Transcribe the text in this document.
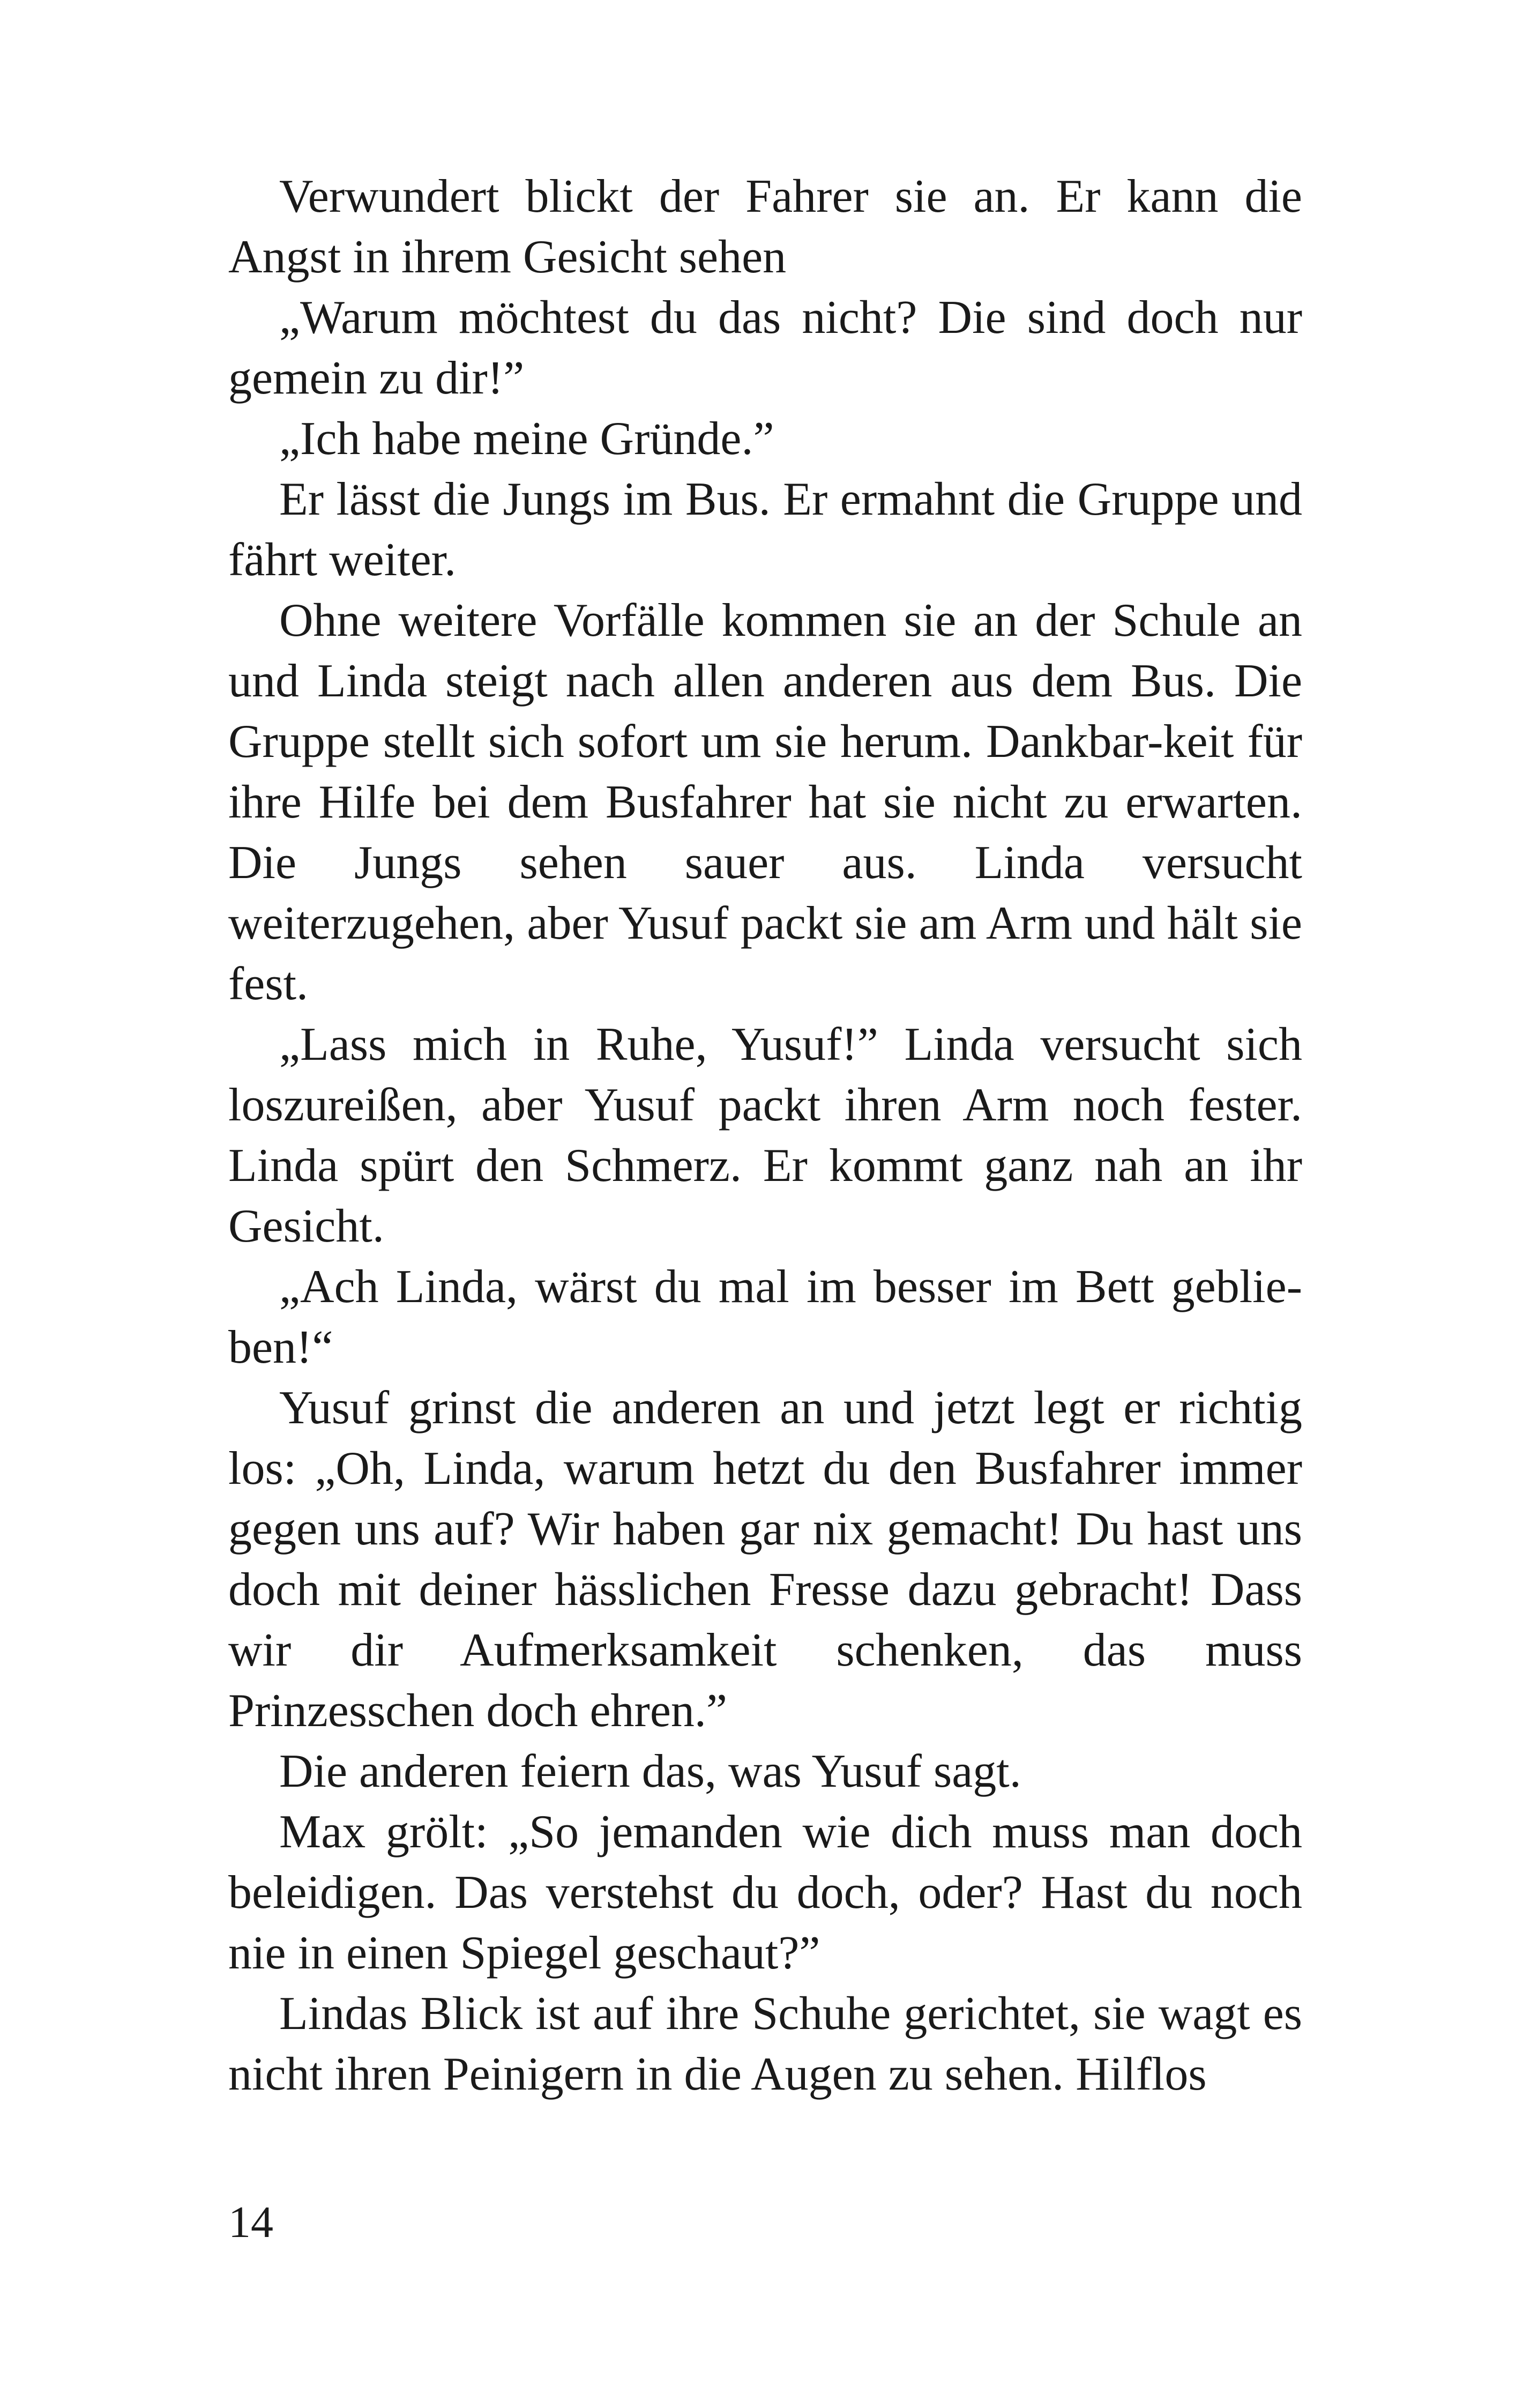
Verwundert blickt der Fahrer sie an. Er kann die Angst in ihrem Gesicht sehen

„Warum möchtest du das nicht? Die sind doch nur gemein zu dir!”

„Ich habe meine Gründe.”

Er lässt die Jungs im Bus. Er ermahnt die Gruppe und fährt weiter.

Ohne weitere Vorfälle kommen sie an der Schule an und Linda steigt nach allen anderen aus dem Bus. Die Gruppe stellt sich sofort um sie herum. Dankbar-keit für ihre Hilfe bei dem Busfahrer hat sie nicht zu erwarten. Die Jungs sehen sauer aus. Linda versucht weiterzugehen, aber Yusuf packt sie am Arm und hält sie fest.

„Lass mich in Ruhe, Yusuf!” Linda versucht sich loszureißen, aber Yusuf packt ihren Arm noch fester. Linda spürt den Schmerz. Er kommt ganz nah an ihr Gesicht.

„Ach Linda, wärst du mal im besser im Bett geblie-ben!“

Yusuf grinst die anderen an und jetzt legt er richtig los: „Oh, Linda, warum hetzt du den Busfahrer immer gegen uns auf? Wir haben gar nix gemacht! Du hast uns doch mit deiner hässlichen Fresse dazu gebracht! Dass wir dir Aufmerksamkeit schenken, das muss Prinzesschen doch ehren.”

Die anderen feiern das, was Yusuf sagt.

Max grölt: „So jemanden wie dich muss man doch beleidigen. Das verstehst du doch, oder? Hast du noch nie in einen Spiegel geschaut?”

Lindas Blick ist auf ihre Schuhe gerichtet, sie wagt es nicht ihren Peinigern in die Augen zu sehen. Hilflos

14
